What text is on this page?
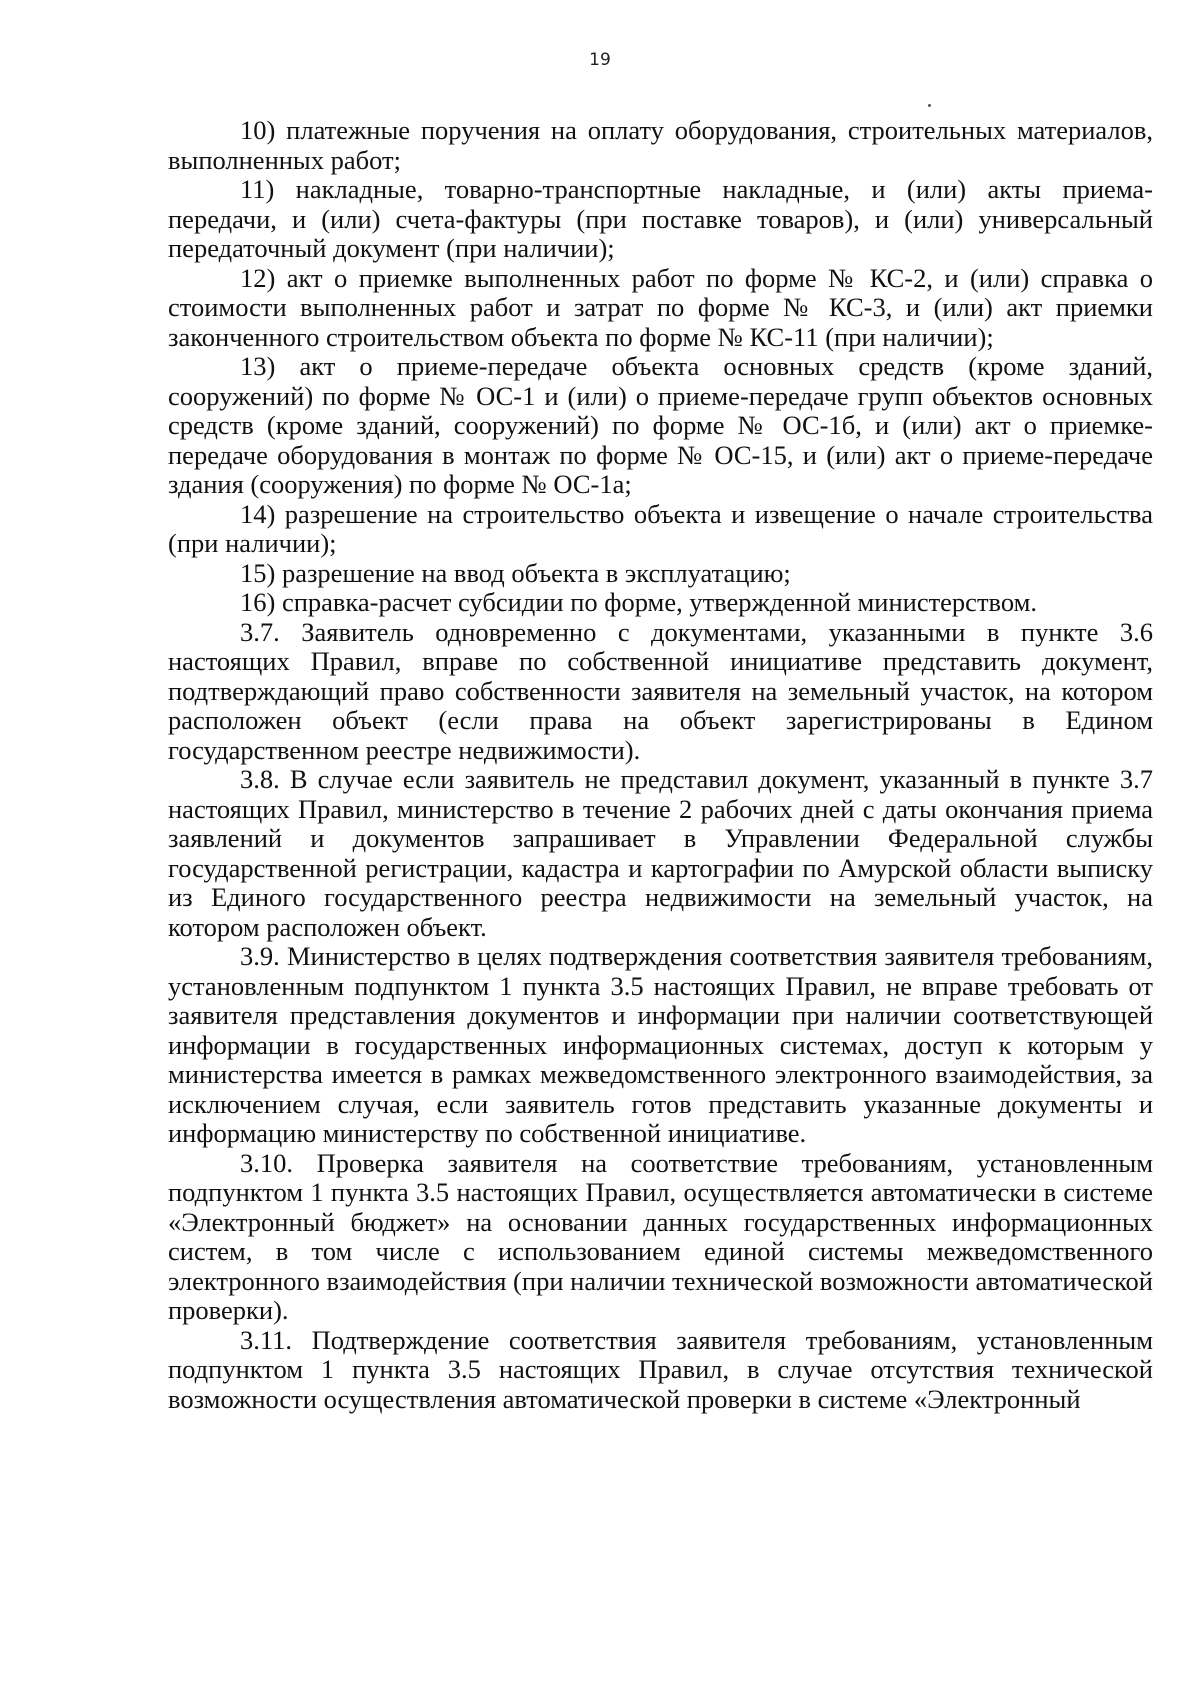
19

10) платежные поручения на оплату оборудования, строительных материалов, выполненных работ;

11) накладные, товарно-транспортные накладные, и (или) акты приема-передачи, и (или) счета-фактуры (при поставке товаров), и (или) универсальный передаточный документ (при наличии);

12) акт о приемке выполненных работ по форме № КС-2, и (или) справка о стоимости выполненных работ и затрат по форме № КС-3, и (или) акт приемки законченного строительством объекта по форме № КС-11 (при наличии);

13) акт о приеме-передаче объекта основных средств (кроме зданий, сооружений) по форме № ОС-1 и (или) о приеме-передаче групп объектов основных средств (кроме зданий, сооружений) по форме № ОС-1б, и (или) акт о приемке-передаче оборудования в монтаж по форме № ОС-15, и (или) акт о приеме-передаче здания (сооружения) по форме № ОС-1а;

14) разрешение на строительство объекта и извещение о начале строительства (при наличии);

15) разрешение на ввод объекта в эксплуатацию;

16) справка-расчет субсидии по форме, утвержденной министерством.

3.7. Заявитель одновременно с документами, указанными в пункте 3.6 настоящих Правил, вправе по собственной инициативе представить документ, подтверждающий право собственности заявителя на земельный участок, на котором расположен объект (если права на объект зарегистрированы в Едином государственном реестре недвижимости).

3.8. В случае если заявитель не представил документ, указанный в пункте 3.7 настоящих Правил, министерство в течение 2 рабочих дней с даты окончания приема заявлений и документов запрашивает в Управлении Федеральной службы государственной регистрации, кадастра и картографии по Амурской области выписку из Единого государственного реестра недвижимости на земельный участок, на котором расположен объект.

3.9. Министерство в целях подтверждения соответствия заявителя требованиям, установленным подпунктом 1 пункта 3.5 настоящих Правил, не вправе требовать от заявителя представления документов и информации при наличии соответствующей информации в государственных информационных системах, доступ к которым у министерства имеется в рамках межведомственного электронного взаимодействия, за исключением случая, если заявитель готов представить указанные документы и информацию министерству по собственной инициативе.

3.10. Проверка заявителя на соответствие требованиям, установленным подпунктом 1 пункта 3.5 настоящих Правил, осуществляется автоматически в системе «Электронный бюджет» на основании данных государственных информационных систем, в том числе с использованием единой системы межведомственного электронного взаимодействия (при наличии технической возможности автоматической проверки).

3.11. Подтверждение соответствия заявителя требованиям, установленным подпунктом 1 пункта 3.5 настоящих Правил, в случае отсутствия технической возможности осуществления автоматической проверки в системе «Электронный
